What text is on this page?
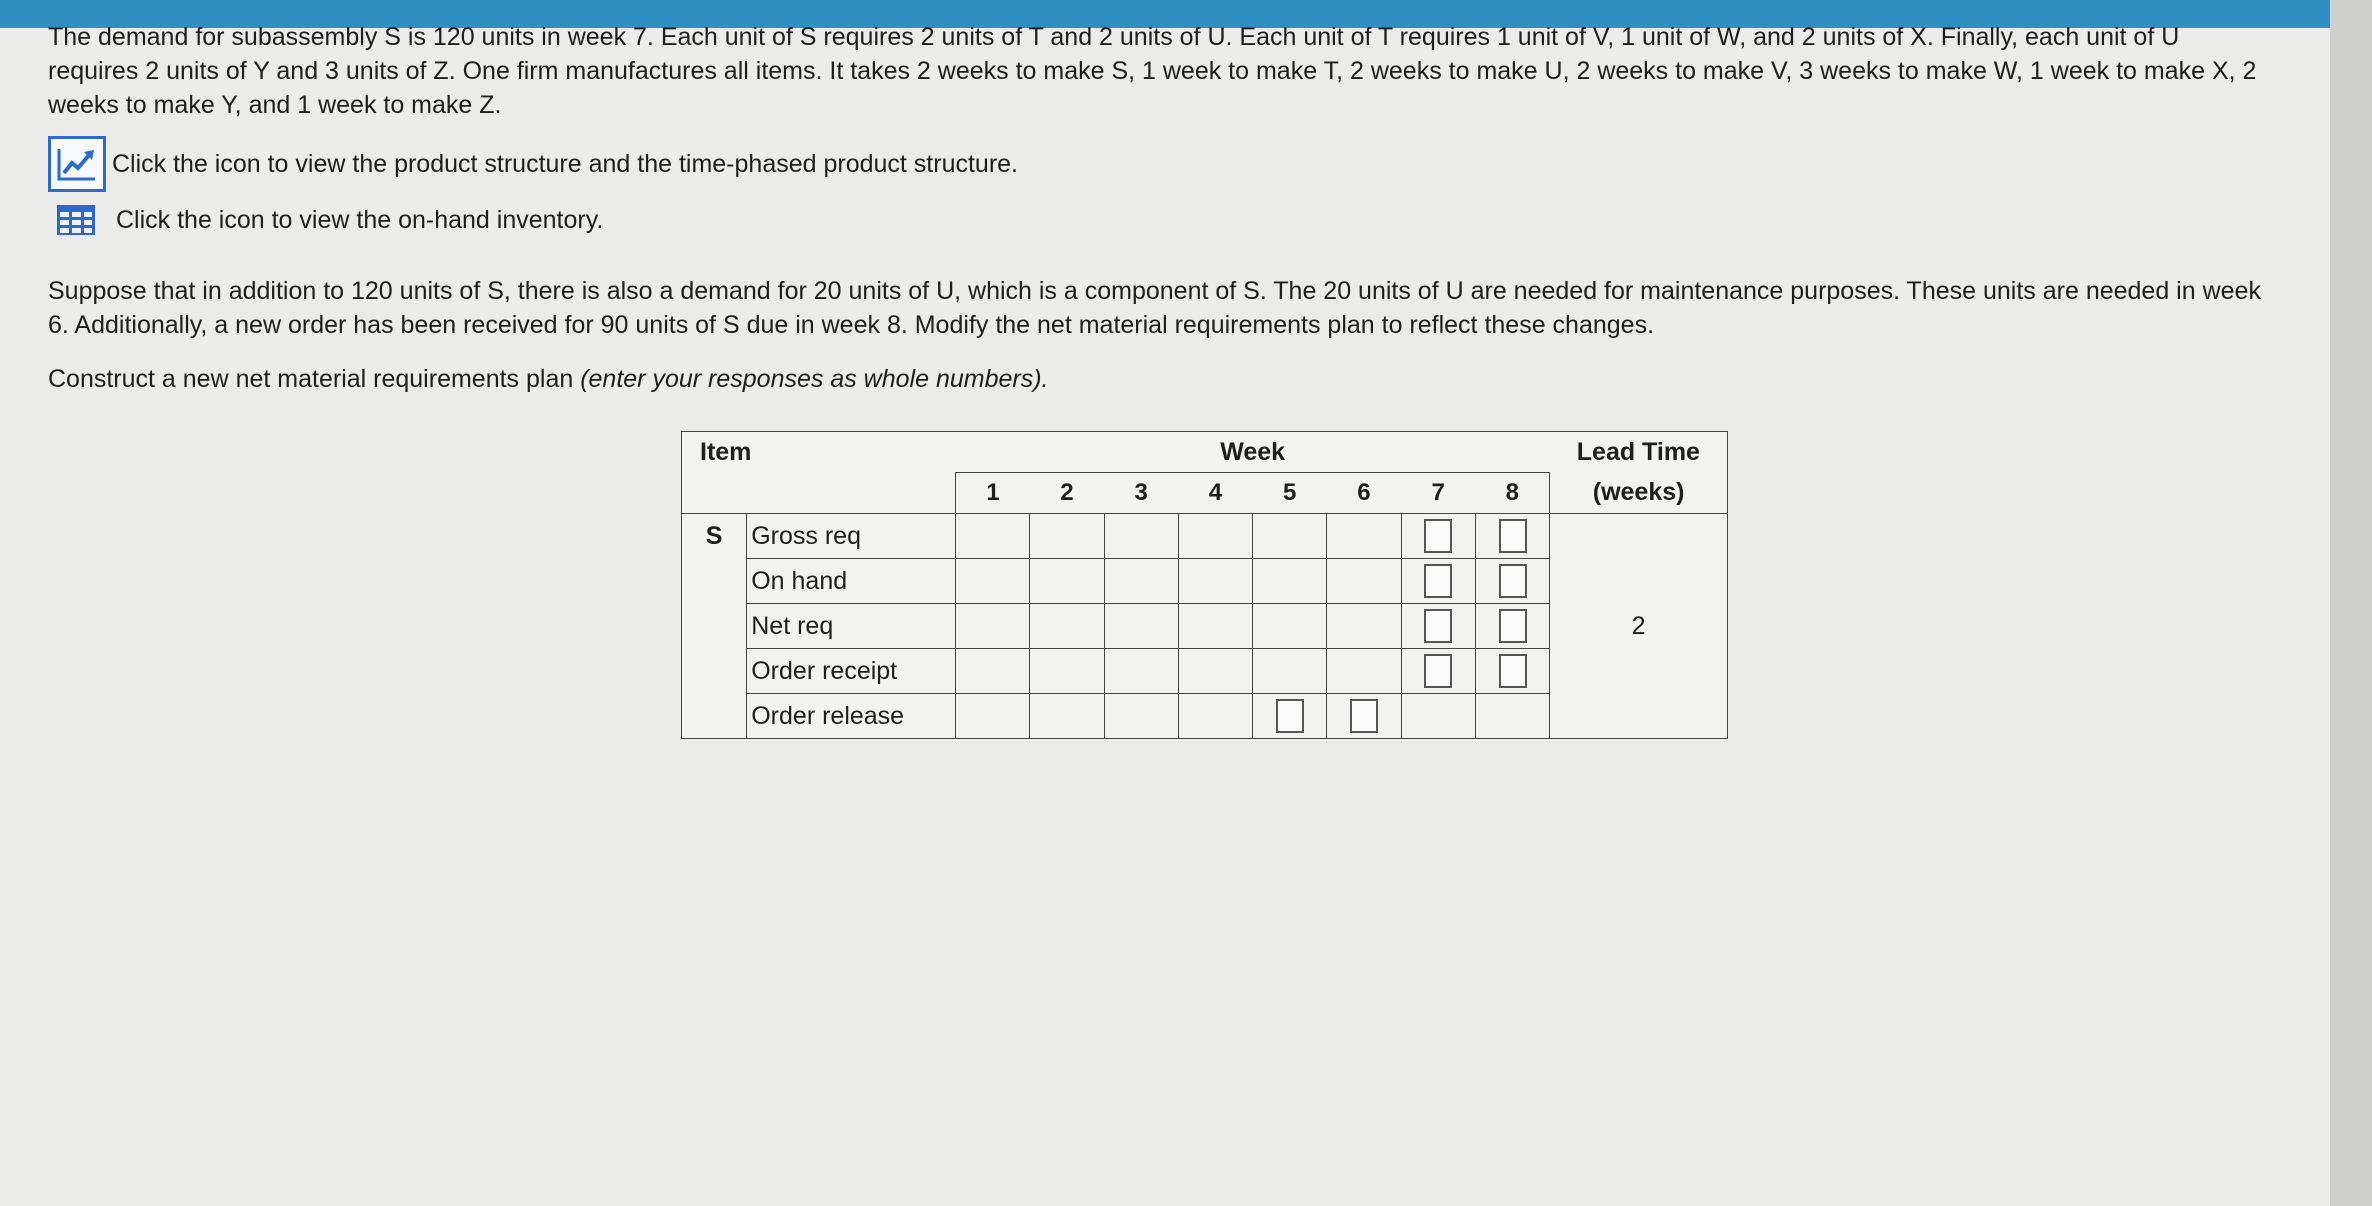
The demand for subassembly S is 120 units in week 7. Each unit of S requires 2 units of T and 2 units of U. Each unit of T requires 1 unit of V, 1 unit of W, and 2 units of X. Finally, each unit of U requires 2 units of Y and 3 units of Z. One firm manufactures all items. It takes 2 weeks to make S, 1 week to make T, 2 weeks to make U, 2 weeks to make V, 3 weeks to make W, 1 week to make X, 2 weeks to make Y, and 1 week to make Z.

Click the icon to view the product structure and the time-phased product structure.
Click the icon to view the on-hand inventory.

Suppose that in addition to 120 units of S, there is also a demand for 20 units of U, which is a component of S. The 20 units of U are needed for maintenance purposes. These units are needed in week 6. Additionally, a new order has been received for 90 units of S due in week 8. Modify the net material requirements plan to reflect these changes.

Construct a new net material requirements plan (enter your responses as whole numbers).

Item		Week								Lead Time
		1	2	3	4	5	6	7	8	(weeks)
S	Gross req									2
	On hand								

	Net req								

	Order receipt								

	Order release						
